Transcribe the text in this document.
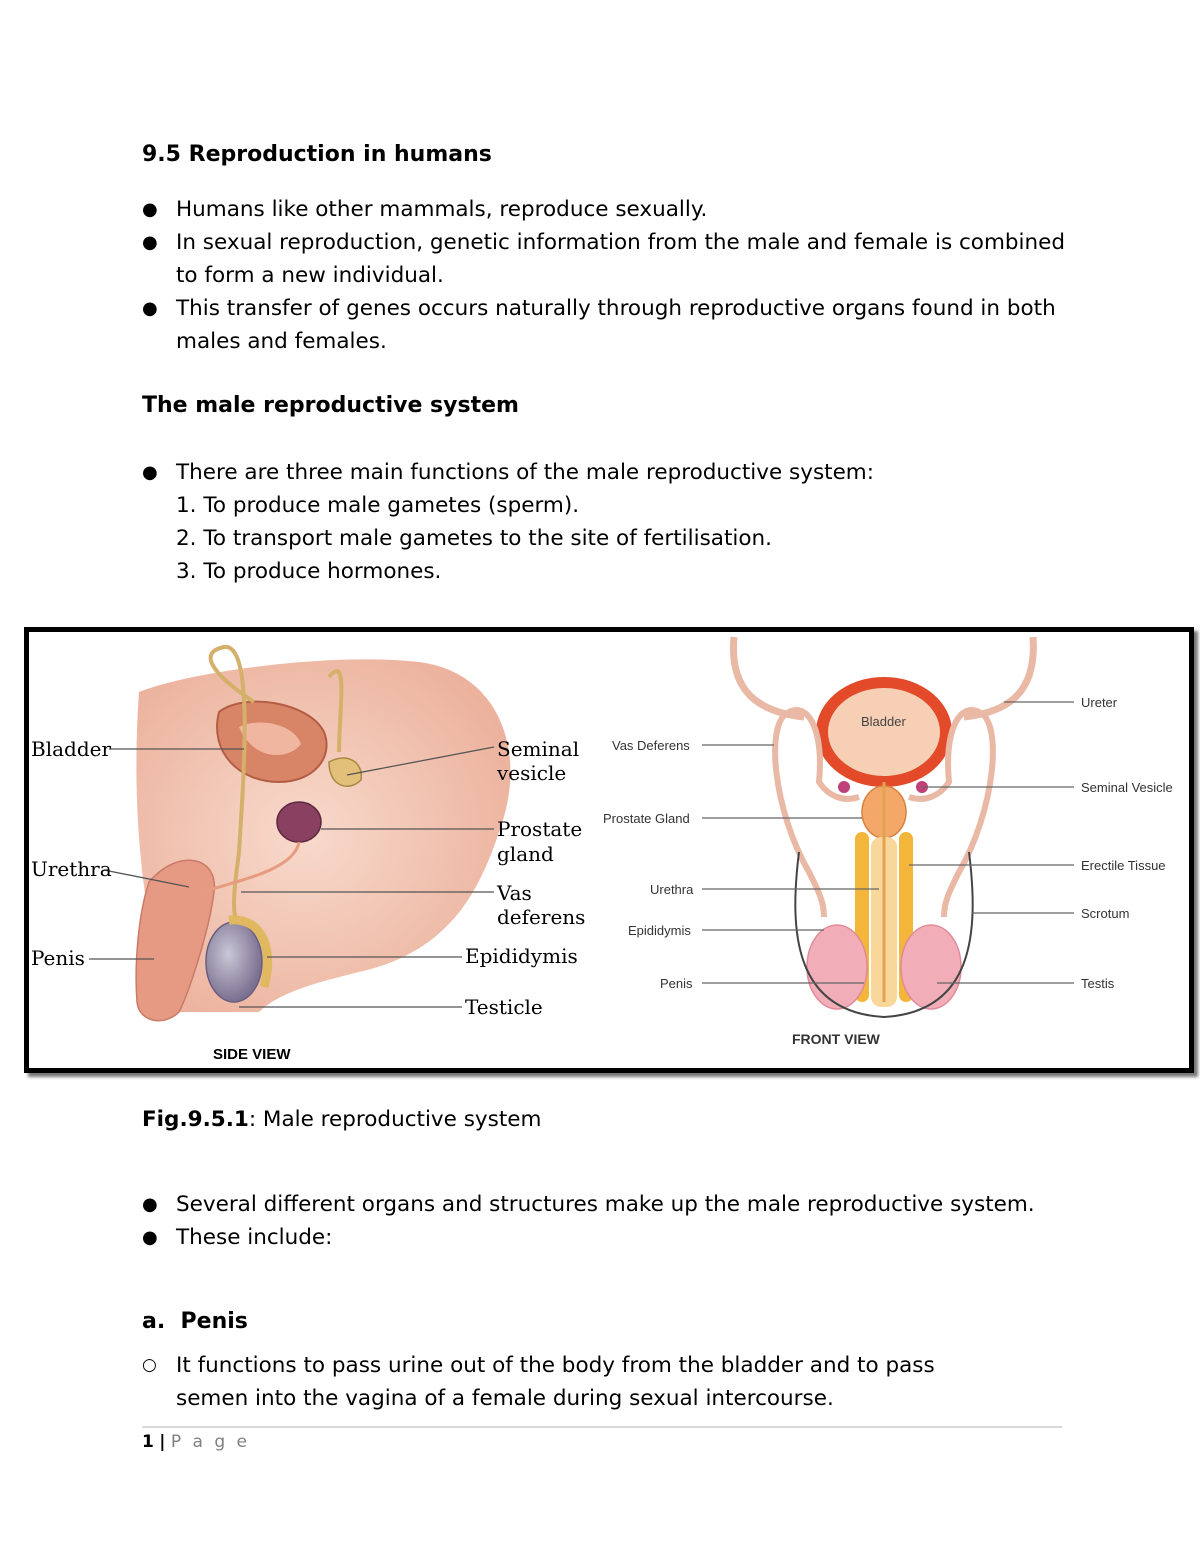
9.5 Reproduction in humans
● Humans like other mammals, reproduce sexually.
● In sexual reproduction, genetic information from the male and female is combined to form a new individual.
● This transfer of genes occurs naturally through reproductive organs found in both males and females.
The male reproductive system
● There are three main functions of the male reproductive system:
1. To produce male gametes (sperm).
2. To transport male gametes to the site of fertilisation.
3. To produce hormones.
Bladder
Urethra
Penis
Seminal
vesicle
Prostate
gland
Vas
deferens
Epididymis
Testicle
SIDE VIEW
Bladder
Vas Deferens
Prostate Gland
Urethra
Epididymis
Penis
Ureter
Seminal Vesicle
Erectile Tissue
Scrotum
Testis
FRONT VIEW
Fig.9.5.1: Male reproductive system
● Several different organs and structures make up the male reproductive system.
● These include:
a. Penis
○ It functions to pass urine out of the body from the bladder and to pass semen into the vagina of a female during sexual intercourse.
1 | P a g e
